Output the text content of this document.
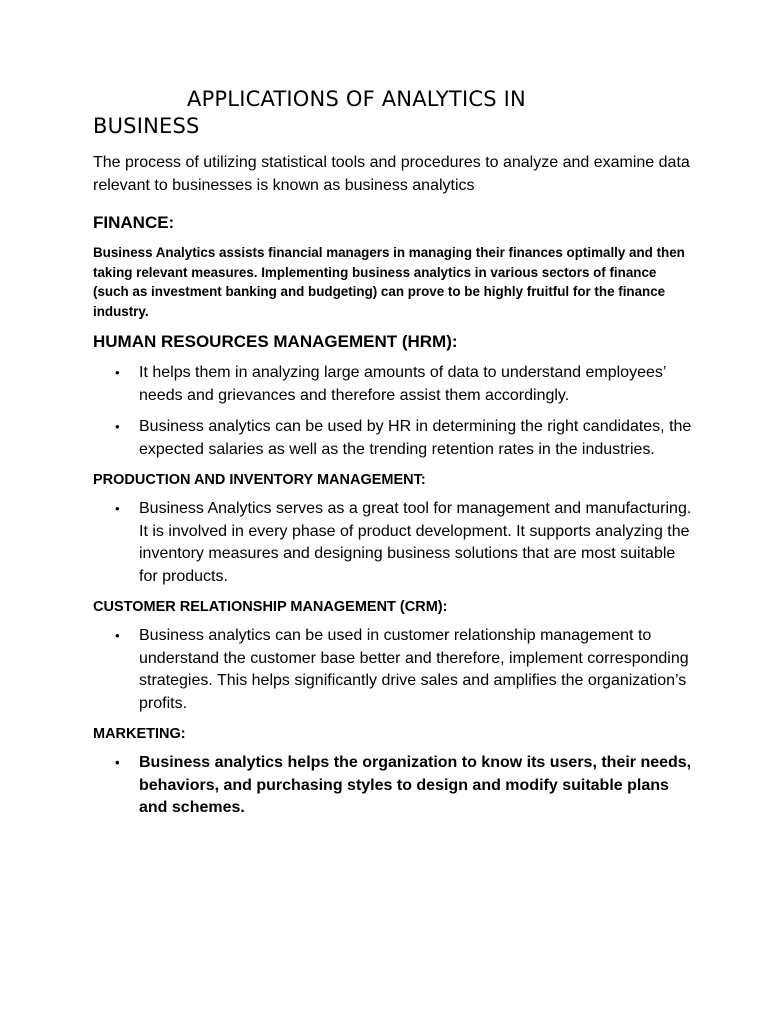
APPLICATIONS OF ANALYTICS IN
BUSINESS

The process of utilizing statistical tools and procedures to analyze and examine data relevant to businesses is known as business analytics

FINANCE:

Business Analytics assists financial managers in managing their finances optimally and then taking relevant measures. Implementing business analytics in various sectors of finance (such as investment banking and budgeting) can prove to be highly fruitful for the finance industry.

HUMAN RESOURCES MANAGEMENT (HRM):
• It helps them in analyzing large amounts of data to understand employees’ needs and grievances and therefore assist them accordingly.
• Business analytics can be used by HR in determining the right candidates, the expected salaries as well as the trending retention rates in the industries.
PRODUCTION AND INVENTORY MANAGEMENT:
• Business Analytics serves as a great tool for management and manufacturing. It is involved in every phase of product development. It supports analyzing the inventory measures and designing business solutions that are most suitable for products.
CUSTOMER RELATIONSHIP MANAGEMENT (CRM):
• Business analytics can be used in customer relationship management to understand the customer base better and therefore, implement corresponding strategies. This helps significantly drive sales and amplifies the organization’s profits.
MARKETING:
• Business analytics helps the organization to know its users, their needs, behaviors, and purchasing styles to design and modify suitable plans and schemes.
